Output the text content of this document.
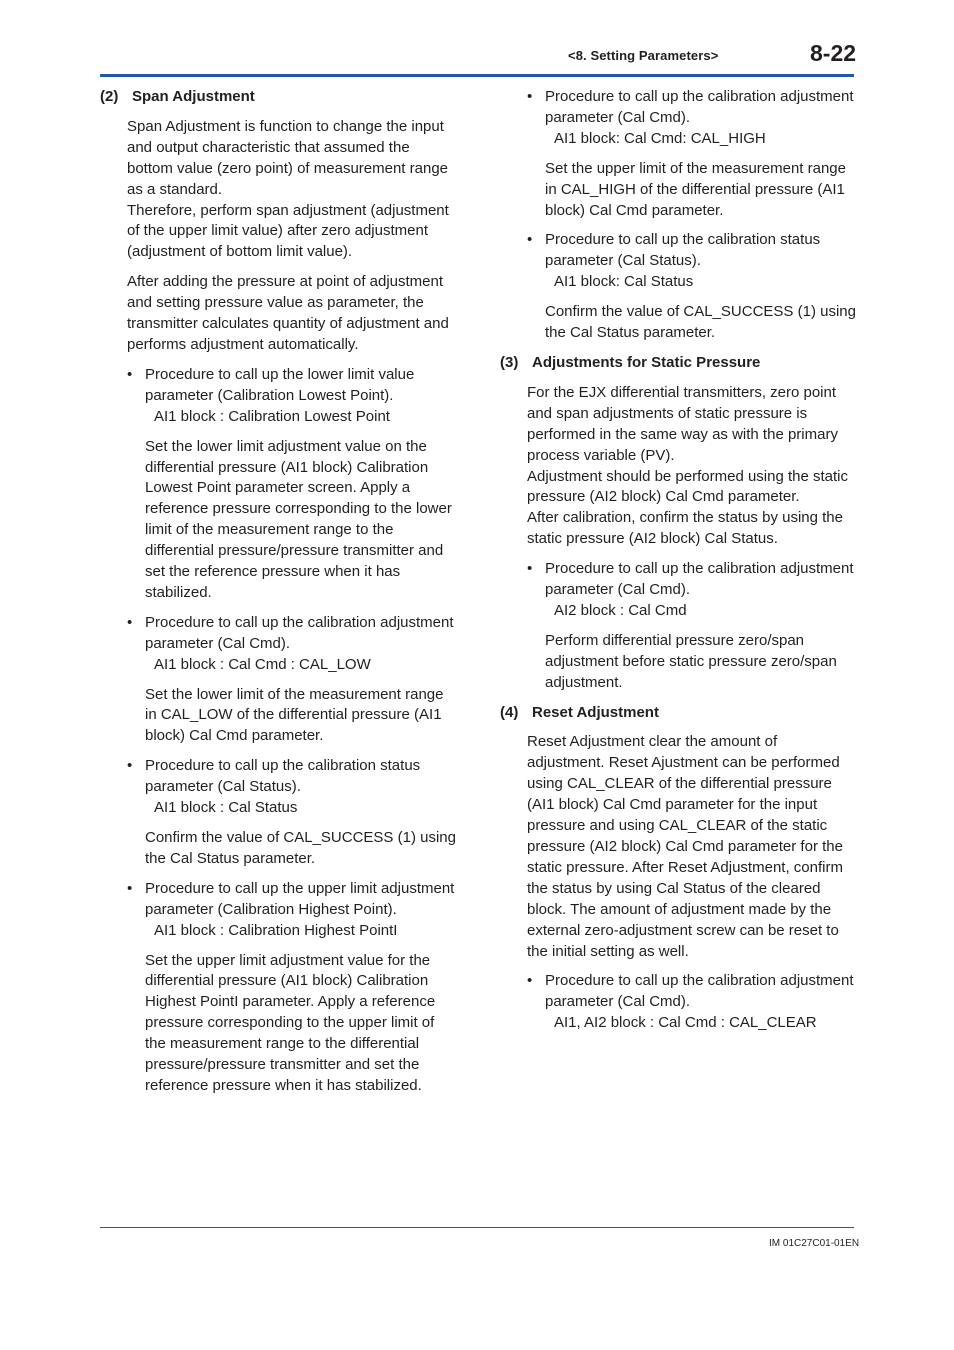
<8. Setting Parameters>	8-22
(2) Span Adjustment

Span Adjustment is function to change the input and output characteristic that assumed the bottom value (zero point) of measurement range as a standard.

Therefore, perform span adjustment (adjustment of the upper limit value) after zero adjustment (adjustment of bottom limit value).

After adding the pressure at point of adjustment and setting pressure value as parameter, the transmitter calculates quantity of adjustment and performs adjustment automatically.
• Procedure to call up the lower limit value parameter (Calibration Lowest Point).
AI1 block : Calibration Lowest Point
Set the lower limit adjustment value on the differential pressure (AI1 block) Calibration Lowest Point parameter screen. Apply a reference pressure corresponding to the lower limit of the measurement range to the differential pressure/pressure transmitter and set the reference pressure when it has stabilized.
• Procedure to call up the calibration adjustment parameter (Cal Cmd).
AI1 block : Cal Cmd : CAL_LOW
Set the lower limit of the measurement range in CAL_LOW of the differential pressure (AI1 block) Cal Cmd parameter.
• Procedure to call up the calibration status parameter (Cal Status).
AI1 block : Cal Status
Confirm the value of CAL_SUCCESS (1) using the Cal Status parameter.
• Procedure to call up the upper limit adjustment parameter (Calibration Highest Point).
AI1 block : Calibration Highest PointI
Set the upper limit adjustment value for the differential pressure (AI1 block) Calibration Highest PointI parameter. Apply a reference pressure corresponding to the upper limit of the measurement range to the differential pressure/pressure transmitter and set the reference pressure when it has stabilized.
• Procedure to call up the calibration adjustment parameter (Cal Cmd).
AI1 block: Cal Cmd: CAL_HIGH
Set the upper limit of the measurement range in CAL_HIGH of the differential pressure (AI1 block) Cal Cmd parameter.
• Procedure to call up the calibration status parameter (Cal Status).
AI1 block: Cal Status
Confirm the value of CAL_SUCCESS (1) using the Cal Status parameter.
(3) Adjustments for Static Pressure

For the EJX differential transmitters, zero point and span adjustments of static pressure is performed in the same way as with the primary process variable (PV).

Adjustment should be performed using the static pressure (AI2 block) Cal Cmd parameter.

After calibration, confirm the status by using the static pressure (AI2 block) Cal Status.

• Procedure to call up the calibration adjustment parameter (Cal Cmd).
AI2 block : Cal Cmd
Perform differential pressure zero/span adjustment before static pressure zero/span adjustment.
(4) Reset Adjustment
Reset Adjustment clear the amount of adjustment. Reset Ajustment can be performed using CAL_CLEAR of the differential pressure (AI1 block) Cal Cmd parameter for the input pressure and using CAL_CLEAR of the static pressure (AI2 block) Cal Cmd parameter for the static pressure. After Reset Adjustment, confirm the status by using Cal Status of the cleared block. The amount of adjustment made by the external zero-adjustment screw can be reset to the initial setting as well.
• Procedure to call up the calibration adjustment parameter (Cal Cmd).
AI1, AI2 block : Cal Cmd : CAL_CLEAR
IM 01C27C01-01EN
